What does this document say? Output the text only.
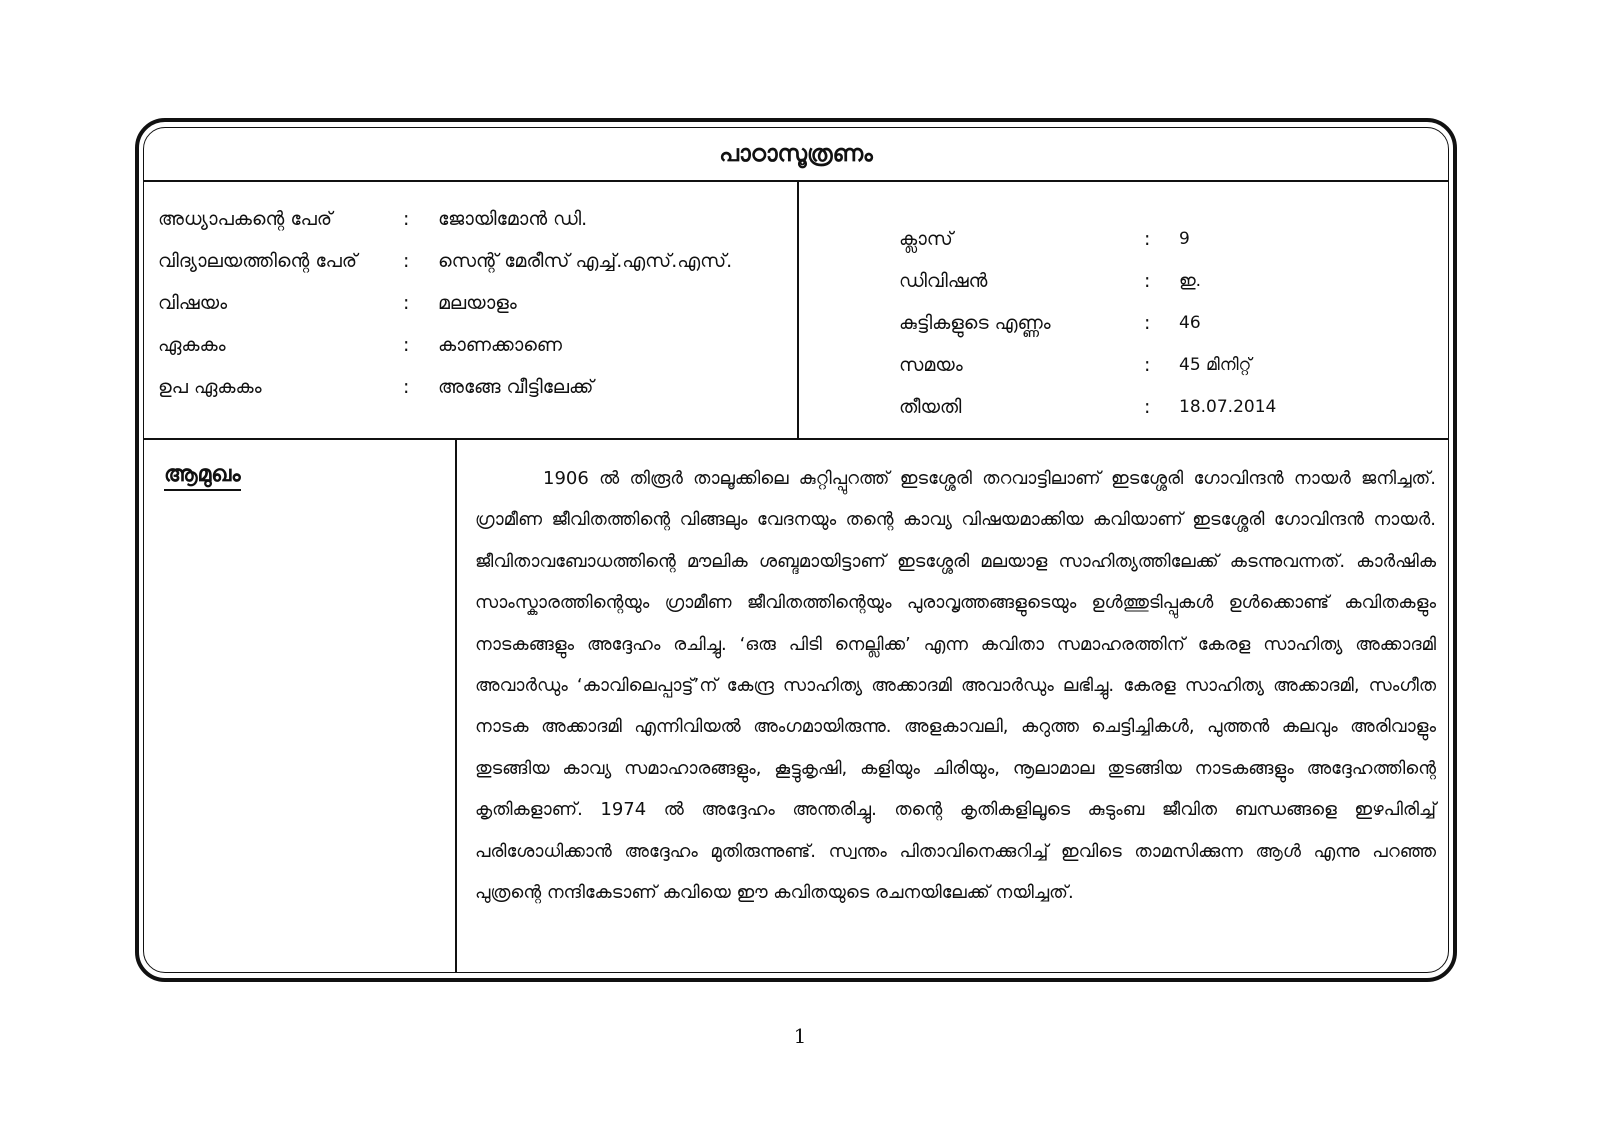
പാഠാസൂത്രണം
അധ്യാപകന്റെ പേര്	:	ജോയിമോൻ ഡി.
വിദ്യാലയത്തിന്റെ പേര്	:	സെന്റ് മേരീസ് എച്ച്.എസ്.എസ്.
വിഷയം	:	മലയാളം
ഏകകം	:	കാണക്കാണെ
ഉപ ഏകകം	:	അങ്ങേ വീട്ടിലേക്ക്
ക്ലാസ്	:	9
ഡിവിഷൻ	:	ഇ.
കുട്ടികളുടെ എണ്ണം	:	46
സമയം	:	45 മിനിറ്റ്
തീയതി	:	18.07.2014
ആമുഖം	1906 ൽ തിരൂർ താലൂക്കിലെ കുറ്റിപ്പുറത്ത് ഇടശ്ശേരി തറവാട്ടിലാണ് ഇടശ്ശേരി ഗോവിന്ദൻ നായർ ജനിച്ചത്. ഗ്രാമീണ ജീവിതത്തിന്റെ വിങ്ങലും വേദനയും തന്റെ കാവ്യ വിഷയമാക്കിയ കവിയാണ് ഇടശ്ശേരി ഗോവിന്ദൻ നായർ. ജീവിതാവബോധത്തിന്റെ മൗലിക ശബ്ദമായിട്ടാണ് ഇടശ്ശേരി മലയാള സാഹിത്യത്തിലേക്ക് കടന്നുവന്നത്. കാർഷിക സാംസ്കാരത്തിന്റെയും ഗ്രാമീണ ജീവിതത്തിന്റെയും പുരാവൃത്തങ്ങളുടെയും ഉൾത്തുടിപ്പുകൾ ഉൾക്കൊണ്ട് കവിതകളും നാടകങ്ങളും അദ്ദേഹം രചിച്ചു. ‘ഒരു പിടി നെല്ലിക്ക’ എന്ന കവിതാ സമാഹരത്തിന് കേരള സാഹിത്യ അക്കാദമി അവാർഡും ‘കാവിലെപ്പാട്ട്’ന് കേന്ദ്ര സാഹിത്യ അക്കാദമി അവാർഡും ലഭിച്ചു. കേരള സാഹിത്യ അക്കാദമി, സംഗീത നാടക അക്കാദമി എന്നിവിയൽ അംഗമായിരുന്നു. അളകാവലി, കറുത്ത ചെട്ടിച്ചികൾ, പുത്തൻ കലവും അരിവാളും തുടങ്ങിയ കാവ്യ സമാഹാരങ്ങളും, കൂട്ടുകൃഷി, കളിയും ചിരിയും, നൂലാമാല തുടങ്ങിയ നാടകങ്ങളും അദ്ദേഹത്തിന്റെ കൃതികളാണ്. 1974 ൽ അദ്ദേഹം അന്തരിച്ചു. തന്റെ കൃതികളിലൂടെ കുടുംബ ജീവിത ബന്ധങ്ങളെ ഇഴപിരിച്ച് പരിശോധിക്കാൻ അദ്ദേഹം മുതിരുന്നുണ്ട്. സ്വന്തം പിതാവിനെക്കുറിച്ച് ഇവിടെ താമസിക്കുന്ന ആൾ എന്നു പറഞ്ഞ പുത്രന്റെ നന്ദികേടാണ് കവിയെ ഈ കവിതയുടെ രചനയിലേക്ക് നയിച്ചത്.

1
